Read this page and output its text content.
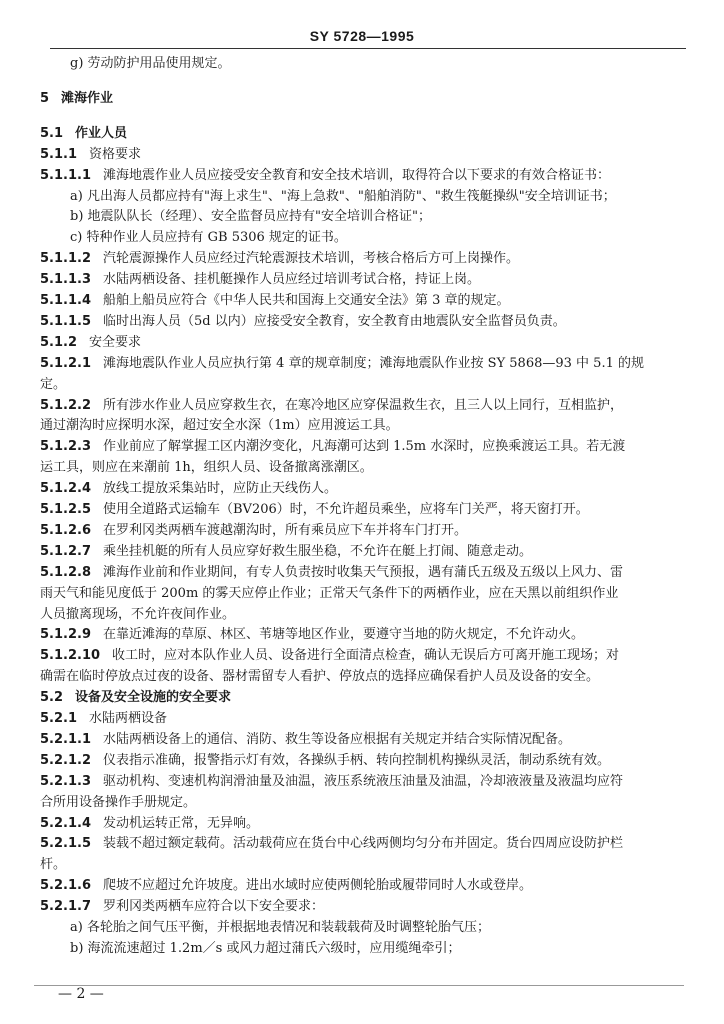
SY 5728—1995
g) 劳动防护用品使用规定。
5 滩海作业
5.1 作业人员
5.1.1 资格要求
5.1.1.1 滩海地震作业人员应接受安全教育和安全技术培训，取得符合以下要求的有效合格证书：
a) 凡出海人员都应持有"海上求生"、"海上急救"、"船舶消防"、"救生筏艇操纵"安全培训证书；
b) 地震队队长（经理）、安全监督员应持有"安全培训合格证"；
c) 特种作业人员应持有 GB 5306 规定的证书。
5.1.1.2 汽轮震源操作人员应经过汽轮震源技术培训，考核合格后方可上岗操作。
5.1.1.3 水陆两栖设备、挂机艇操作人员应经过培训考试合格，持证上岗。
5.1.1.4 船舶上船员应符合《中华人民共和国海上交通安全法》第 3 章的规定。
5.1.1.5 临时出海人员（5d 以内）应接受安全教育，安全教育由地震队安全监督员负责。
5.1.2 安全要求
5.1.2.1 滩海地震队作业人员应执行第 4 章的规章制度；滩海地震队作业按 SY 5868—93 中 5.1 的规
定。
5.1.2.2 所有涉水作业人员应穿救生衣，在寒冷地区应穿保温救生衣，且三人以上同行，互相监护，
通过潮沟时应探明水深，超过安全水深（1m）应用渡运工具。
5.1.2.3 作业前应了解掌握工区内潮汐变化，凡海潮可达到 1.5m 水深时，应换乘渡运工具。若无渡
运工具，则应在来潮前 1h，组织人员、设备撤离涨潮区。
5.1.2.4 放线工提放采集站时，应防止天线伤人。
5.1.2.5 使用全道路式运输车（BV206）时，不允许超员乘坐，应将车门关严，将天窗打开。
5.1.2.6 在罗利冈类两栖车渡越潮沟时，所有乘员应下车并将车门打开。
5.1.2.7 乘坐挂机艇的所有人员应穿好救生服坐稳，不允许在艇上打闹、随意走动。
5.1.2.8 滩海作业前和作业期间，有专人负责按时收集天气预报，遇有蒲氏五级及五级以上风力、雷
雨天气和能见度低于 200m 的雾天应停止作业；正常天气条件下的两栖作业，应在天黑以前组织作业
人员撤离现场，不允许夜间作业。
5.1.2.9 在靠近滩海的草原、林区、苇塘等地区作业，要遵守当地的防火规定，不允许动火。
5.1.2.10 收工时，应对本队作业人员、设备进行全面清点检查，确认无误后方可离开施工现场；对
确需在临时停放点过夜的设备、器材需留专人看护、停放点的选择应确保看护人员及设备的安全。
5.2 设备及安全设施的安全要求
5.2.1 水陆两栖设备
5.2.1.1 水陆两栖设备上的通信、消防、救生等设备应根据有关规定并结合实际情况配备。
5.2.1.2 仪表指示准确，报警指示灯有效，各操纵手柄、转向控制机构操纵灵活，制动系统有效。
5.2.1.3 驱动机构、变速机构润滑油量及油温，液压系统液压油量及油温，冷却液液量及液温均应符
合所用设备操作手册规定。
5.2.1.4 发动机运转正常，无异响。
5.2.1.5 装载不超过额定载荷。活动载荷应在货台中心线两侧均匀分布并固定。货台四周应设防护栏
杆。
5.2.1.6 爬坡不应超过允许坡度。进出水域时应使两侧轮胎或履带同时人水或登岸。
5.2.1.7 罗利冈类两栖车应符合以下安全要求：
a) 各轮胎之间气压平衡，并根据地表情况和装载载荷及时调整轮胎气压；
b) 海流流速超过 1.2m／s 或风力超过蒲氏六级时，应用缆绳牵引；
— 2 —
